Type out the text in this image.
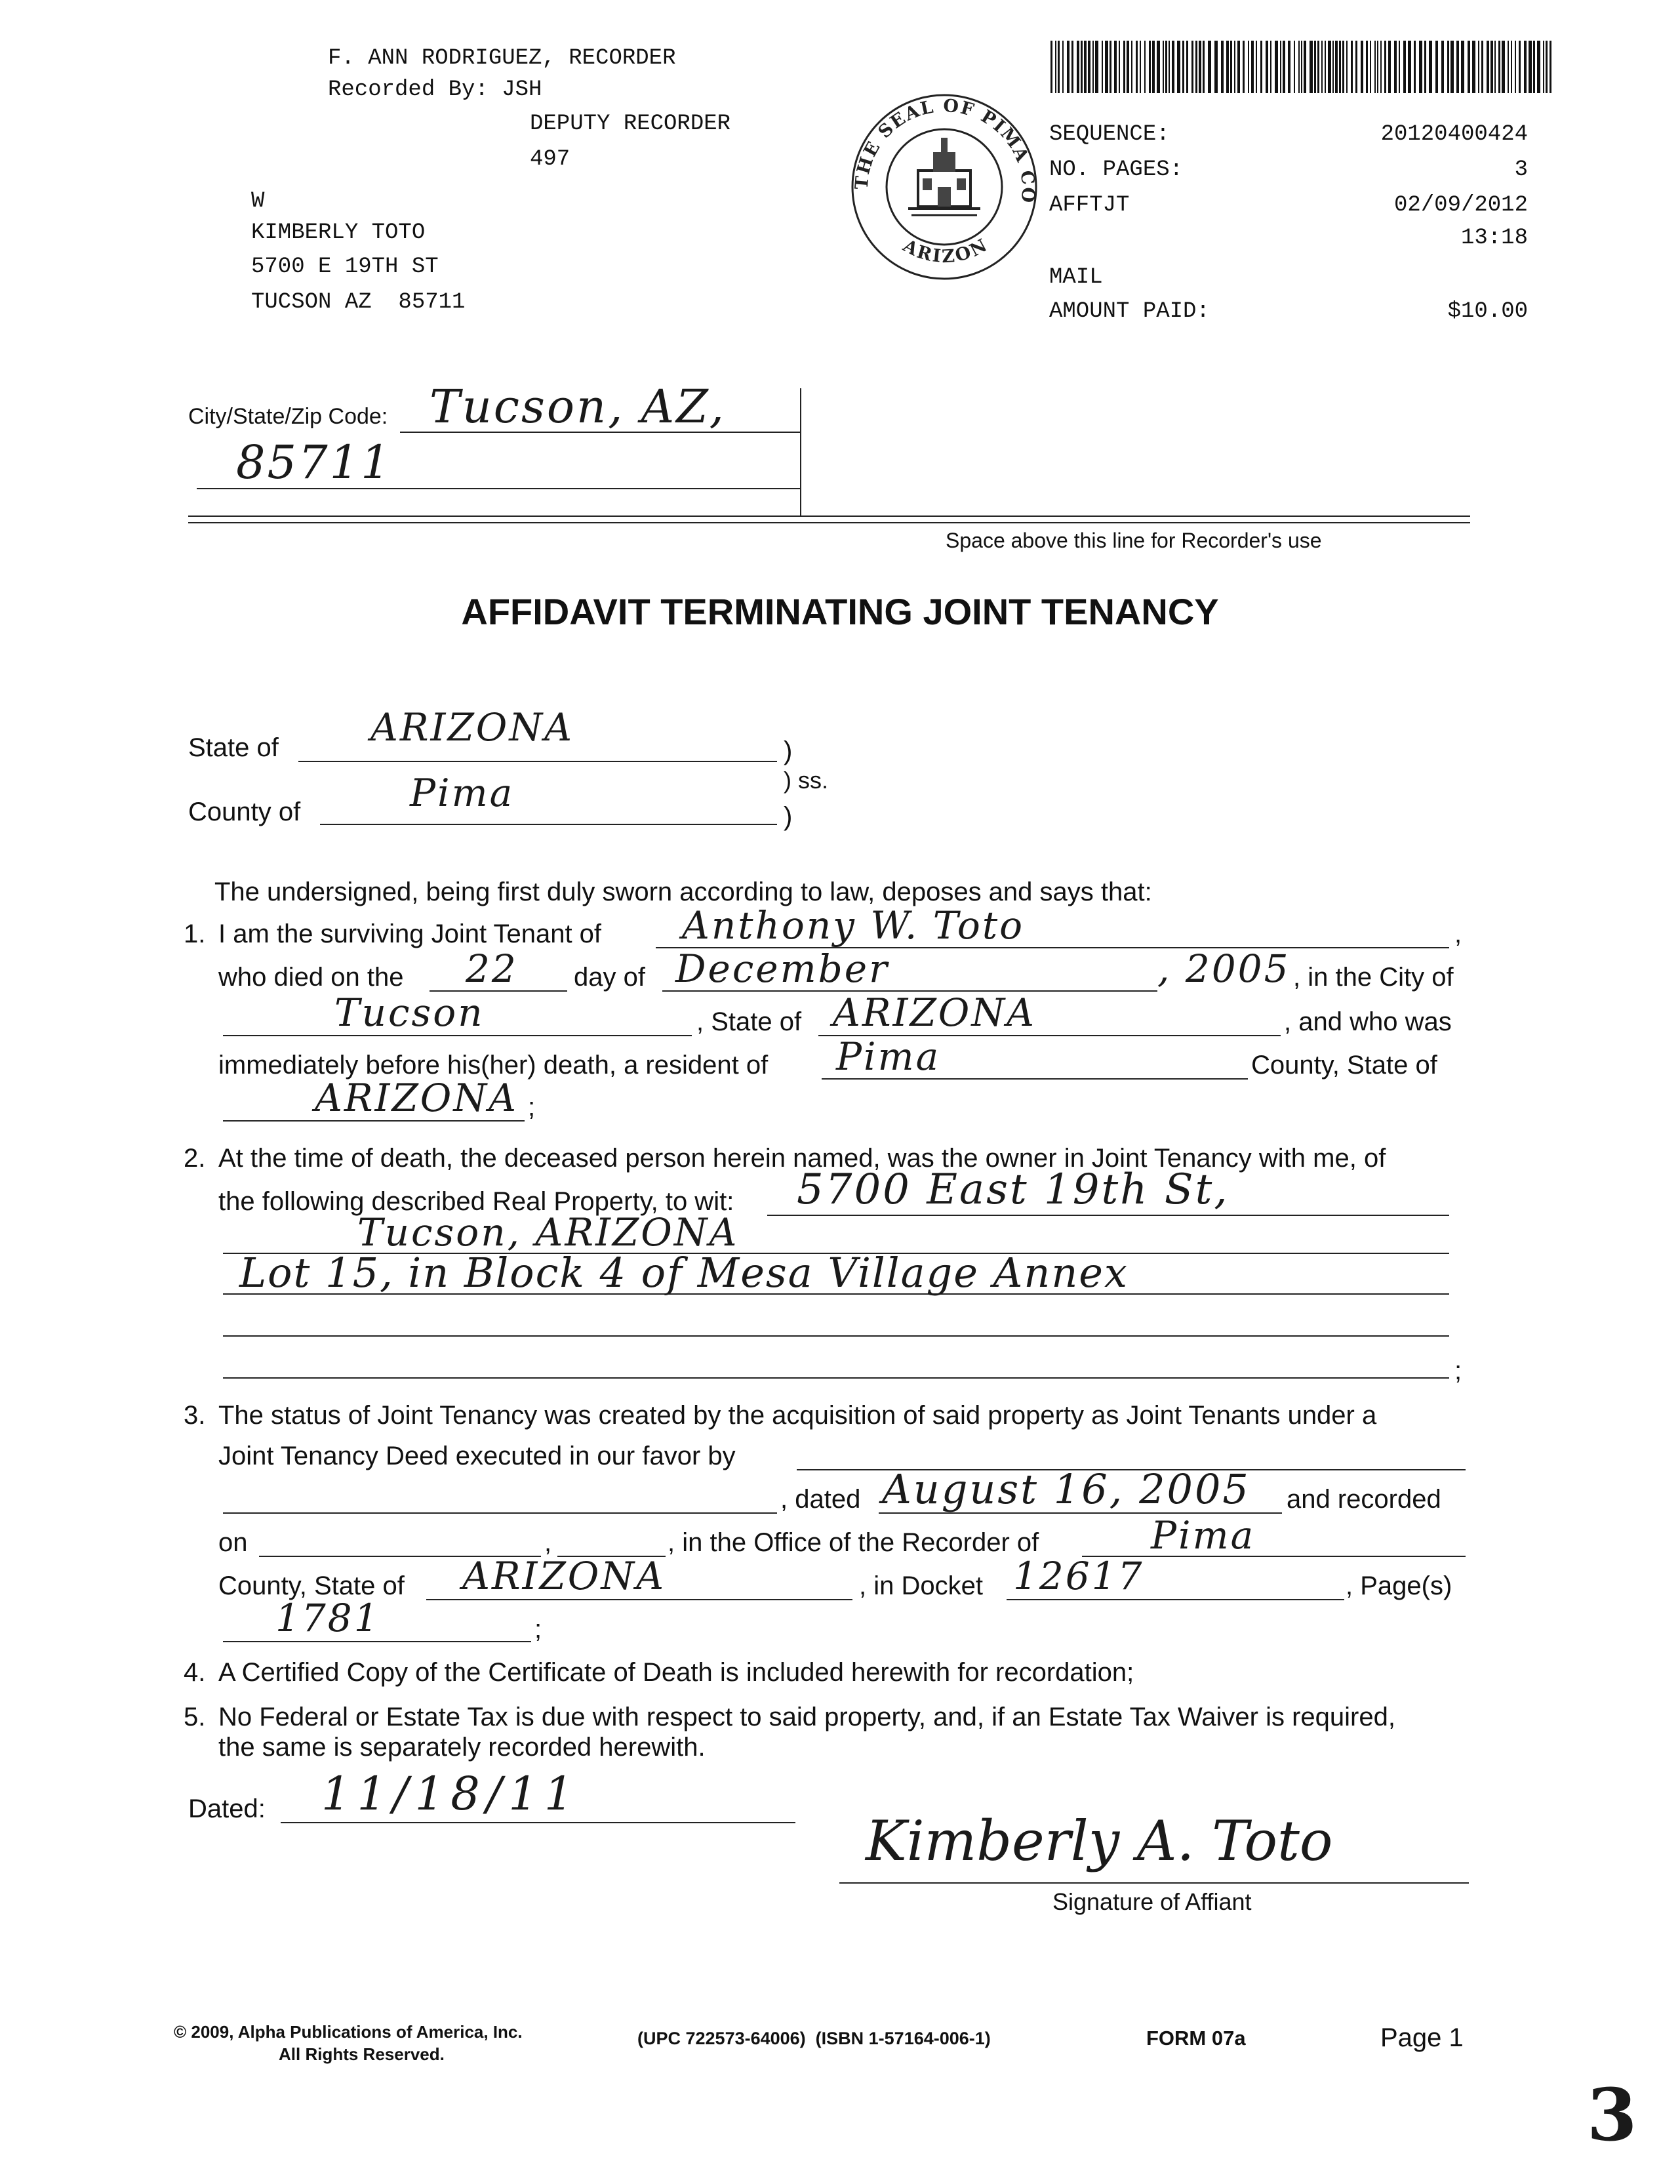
F. ANN RODRIGUEZ, RECORDER
Recorded By: JSH
DEPUTY RECORDER
497
W
KIMBERLY TOTO
5700 E 19TH ST
TUCSON AZ  85711
THE SEAL OF PIMA CO
ARIZON
SEQUENCE:	20120400424
NO. PAGES:	3
AFFTJT	02/09/2012
13:18
MAIL
AMOUNT PAID:	$10.00
City/State/Zip Code: Tucson, AZ,
85711
Space above this line for Recorder's use
AFFIDAVIT TERMINATING JOINT TENANCY
State of ARIZONA
)
) ss.
County of	Pima
)
The undersigned, being first duly sworn according to law, deposes and says that:
1. I am the surviving Joint Tenant of Anthony W. Toto	,
who died on the 22 day of December	, 2005 , in the City of
Tucson	, State of ARIZONA	, and who was
immediately before his(her) death, a resident of Pima	County, State of
ARIZONA ;
2. At the time of death, the deceased person herein named, was the owner in Joint Tenancy with me, of
the following described Real Property, to wit: 5700 East 19th St,
Tucson, ARIZONA
Lot 15, in Block 4 of Mesa Village Annex
;
3. The status of Joint Tenancy was created by the acquisition of said property as Joint Tenants under a
Joint Tenancy Deed executed in our favor by
, dated August 16, 2005 and recorded
on	,	, in the Office of the Recorder of	Pima
County, State of ARIZONA	, in Docket 12617	, Page(s)
1781	;
4. A Certified Copy of the Certificate of Death is included herewith for recordation;
5. No Federal or Estate Tax is due with respect to said property, and, if an Estate Tax Waiver is required,
the same is separately recorded herewith.
Dated: 11/18/11
Kimberly A. Toto
Signature of Affiant
© 2009, Alpha Publications of America, Inc.
All Rights Reserved.
(UPC 722573-64006)  (ISBN 1-57164-006-1)	FORM 07a	Page 1
3
